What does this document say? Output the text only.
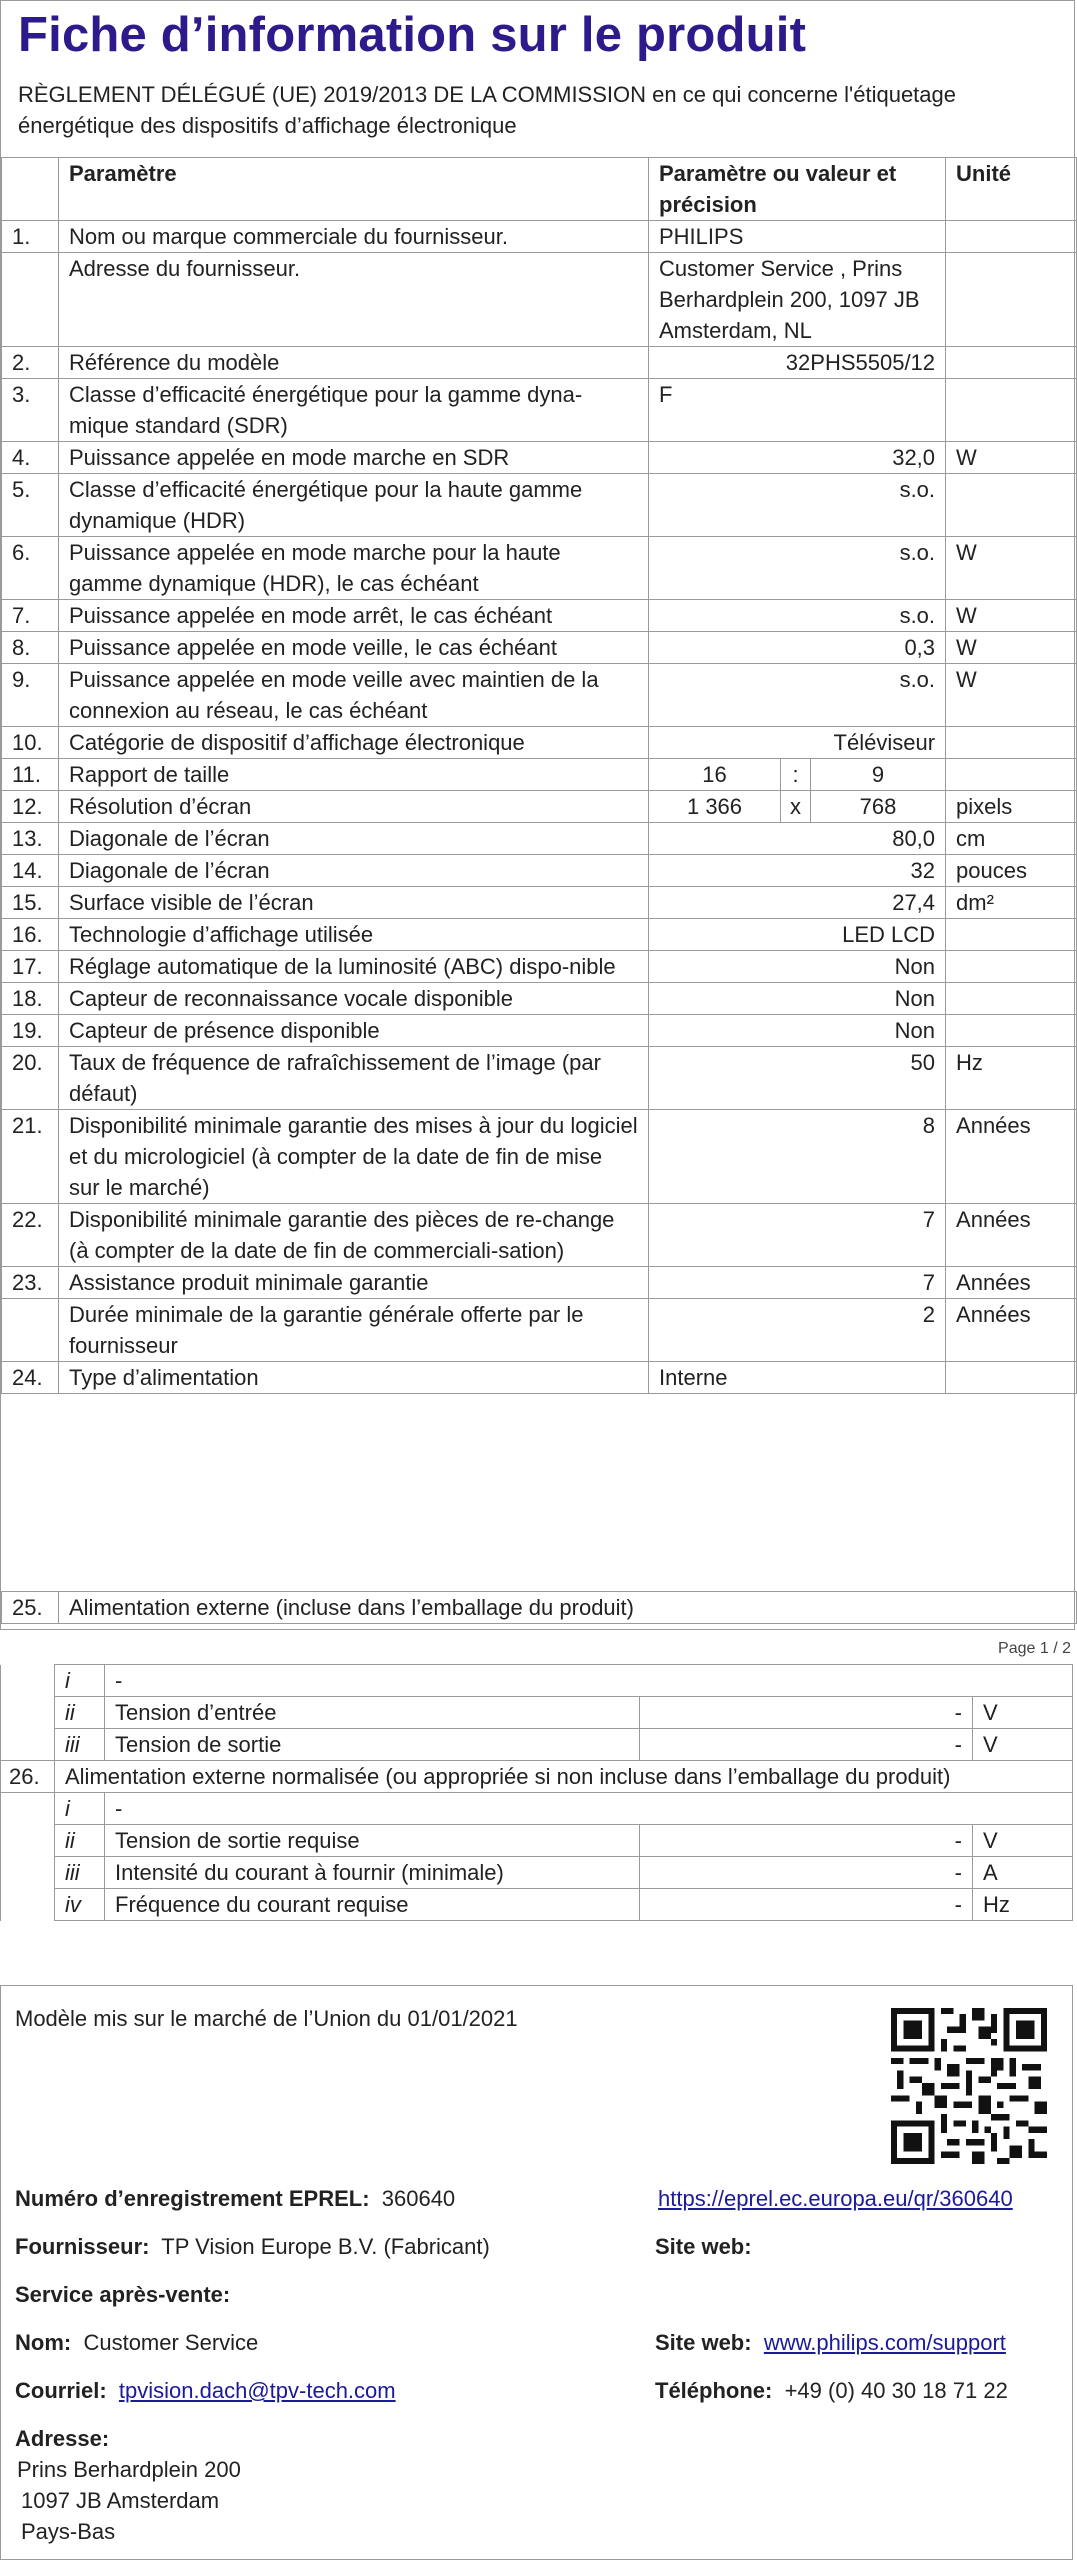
Fiche d’information sur le produit
RÈGLEMENT DÉLÉGUÉ (UE) 2019/2013 DE LA COMMISSION en ce qui concerne l'étiquetage énergétique des dispositifs d’affichage électronique
	Paramètre	Paramètre ou valeur et précision			Unité
1.	Nom ou marque commerciale du fournisseur.	PHILIPS			
	Adresse du fournisseur.	Customer Service , Prins Berhardplein 200, 1097 JB Amsterdam, NL			
2.	Référence du modèle	32PHS5505/12			
3.	Classe d’efficacité énergétique pour la gamme dyna-mique standard (SDR)	F			
4.	Puissance appelée en mode marche en SDR	32,0			W
5.	Classe d’efficacité énergétique pour la haute gamme dynamique (HDR)	s.o.			
6.	Puissance appelée en mode marche pour la haute gamme dynamique (HDR), le cas échéant	s.o.			W
7.	Puissance appelée en mode arrêt, le cas échéant	s.o.			W
8.	Puissance appelée en mode veille, le cas échéant	0,3			W
9.	Puissance appelée en mode veille avec maintien de la connexion au réseau, le cas échéant	s.o.			W
10.	Catégorie de dispositif d’affichage électronique	Téléviseur			
11.	Rapport de taille	16	:	9	
12.	Résolution d’écran	1 366	x	768	pixels
13.	Diagonale de l’écran	80,0			cm
14.	Diagonale de l’écran	32			pouces
15.	Surface visible de l’écran	27,4			dm²
16.	Technologie d’affichage utilisée	LED LCD			
17.	Réglage automatique de la luminosité (ABC) dispo-nible	Non			
18.	Capteur de reconnaissance vocale disponible	Non			
19.	Capteur de présence disponible	Non			
20.	Taux de fréquence de rafraîchissement de l’image (par défaut)	50			Hz
21.	Disponibilité minimale garantie des mises à jour du logiciel et du micrologiciel (à compter de la date de fin de mise sur le marché)	8			Années
22.	Disponibilité minimale garantie des pièces de re-change (à compter de la date de fin de commerciali-sation)	7			Années
23.	Assistance produit minimale garantie	7			Années
	Durée minimale de la garantie générale offerte par le fournisseur	2			Années
24.	Type d’alimentation	Interne			
25.	Alimentation externe (incluse dans l’emballage du produit)
Page 1 / 2
	i	-		
	ii	Tension d’entrée	-	V
	iii	Tension de sortie	-	V
26.	Alimentation externe normalisée (ou appropriée si non incluse dans l’emballage du produit)			
	i	-		
	ii	Tension de sortie requise	-	V
	iii	Intensité du courant à fournir (minimale)	-	A
	iv	Fréquence du courant requise	-	Hz
Modèle mis sur le marché de l’Union du 01/01/2021
Numéro d’enregistrement EPREL: 360640	https://eprel.ec.europa.eu/qr/360640
Fournisseur: TP Vision Europe B.V. (Fabricant)	Site web:
Service après-vente:
Nom: Customer Service	Site web: www.philips.com/support
Courriel: tpvision.dach@tpv-tech.com	Téléphone: +49 (0) 40 30 18 71 22
Adresse:
Prins Berhardplein 200
1097 JB Amsterdam
Pays-Bas
